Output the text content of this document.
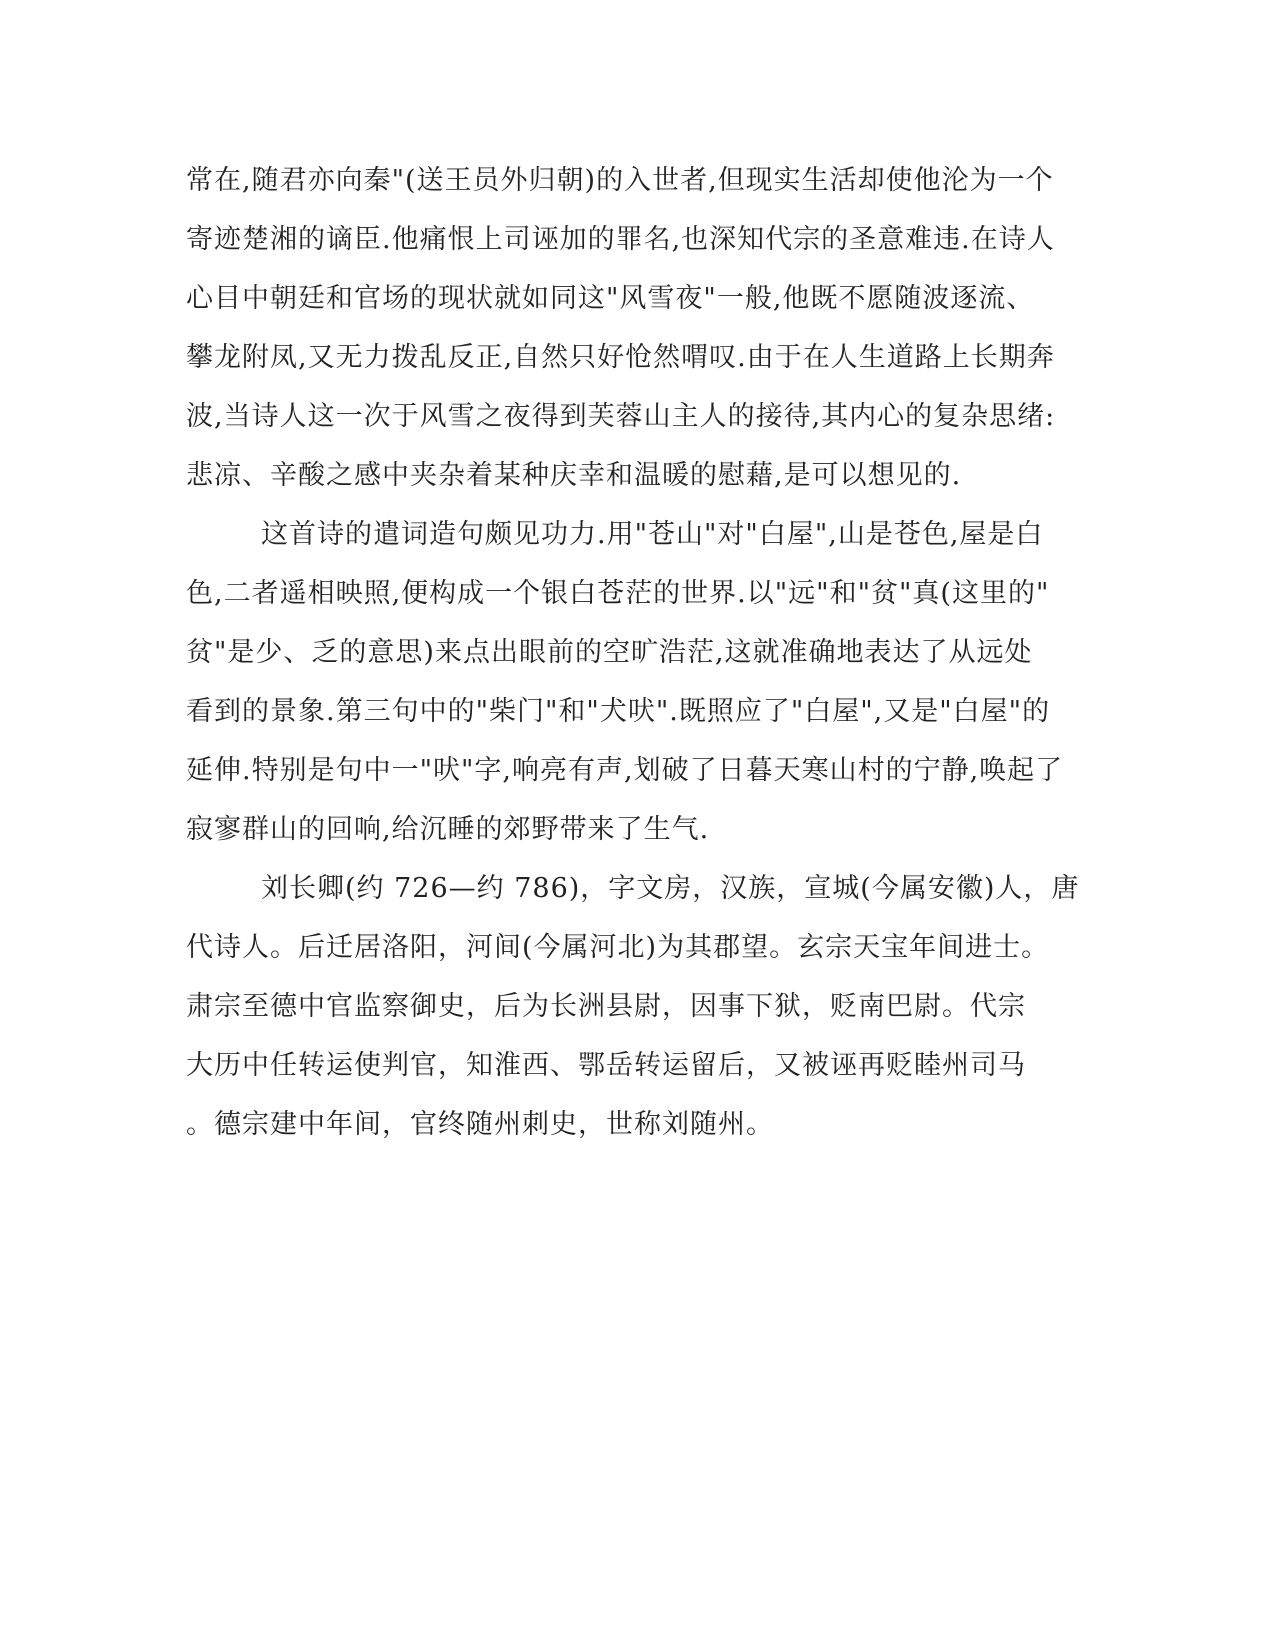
常在,随君亦向秦"(送王员外归朝)的入世者,但现实生活却使他沦为一个
寄迹楚湘的谪臣.他痛恨上司诬加的罪名,也深知代宗的圣意难违.在诗人
心目中朝廷和官场的现状就如同这"风雪夜"一般,他既不愿随波逐流、
攀龙附凤,又无力拨乱反正,自然只好怆然喟叹.由于在人生道路上长期奔
波,当诗人这一次于风雪之夜得到芙蓉山主人的接待,其内心的复杂思绪:
悲凉、辛酸之感中夹杂着某种庆幸和温暖的慰藉,是可以想见的.
这首诗的遣词造句颇见功力.用"苍山"对"白屋",山是苍色,屋是白
色,二者遥相映照,便构成一个银白苍茫的世界.以"远"和"贫"真(这里的"
贫"是少、乏的意思)来点出眼前的空旷浩茫,这就准确地表达了从远处
看到的景象.第三句中的"柴门"和"犬吠".既照应了"白屋",又是"白屋"的
延伸.特别是句中一"吠"字,响亮有声,划破了日暮天寒山村的宁静,唤起了
寂寥群山的回响,给沉睡的郊野带来了生气.
刘长卿(约 726—约 786)，字文房，汉族，宣城(今属安徽)人，唐
代诗人。后迁居洛阳，河间(今属河北)为其郡望。玄宗天宝年间进士。
肃宗至德中官监察御史，后为长洲县尉，因事下狱，贬南巴尉。代宗
大历中任转运使判官，知淮西、鄂岳转运留后，又被诬再贬睦州司马
。德宗建中年间，官终随州刺史，世称刘随州。
